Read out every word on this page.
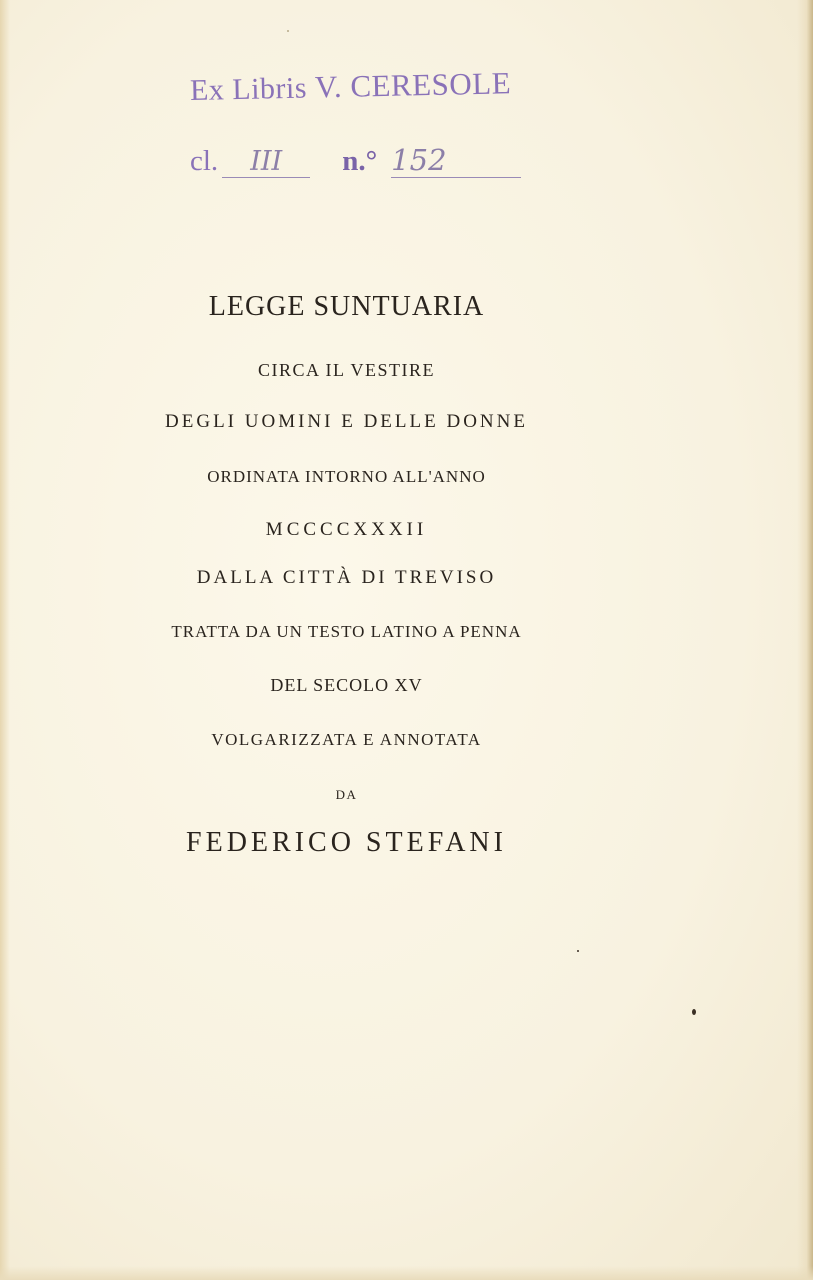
Ex Libris V. CERESOLE
cl. III n.° 152
LEGGE SUNTUARIA
CIRCA IL VESTIRE
DEGLI UOMINI E DELLE DONNE
ORDINATA INTORNO ALL'ANNO
MCCCCXXXII
DALLA CITTÀ DI TREVISO
TRATTA DA UN TESTO LATINO A PENNA
DEL SECOLO XV
VOLGARIZZATA E ANNOTATA
DA
FEDERICO STEFANI
